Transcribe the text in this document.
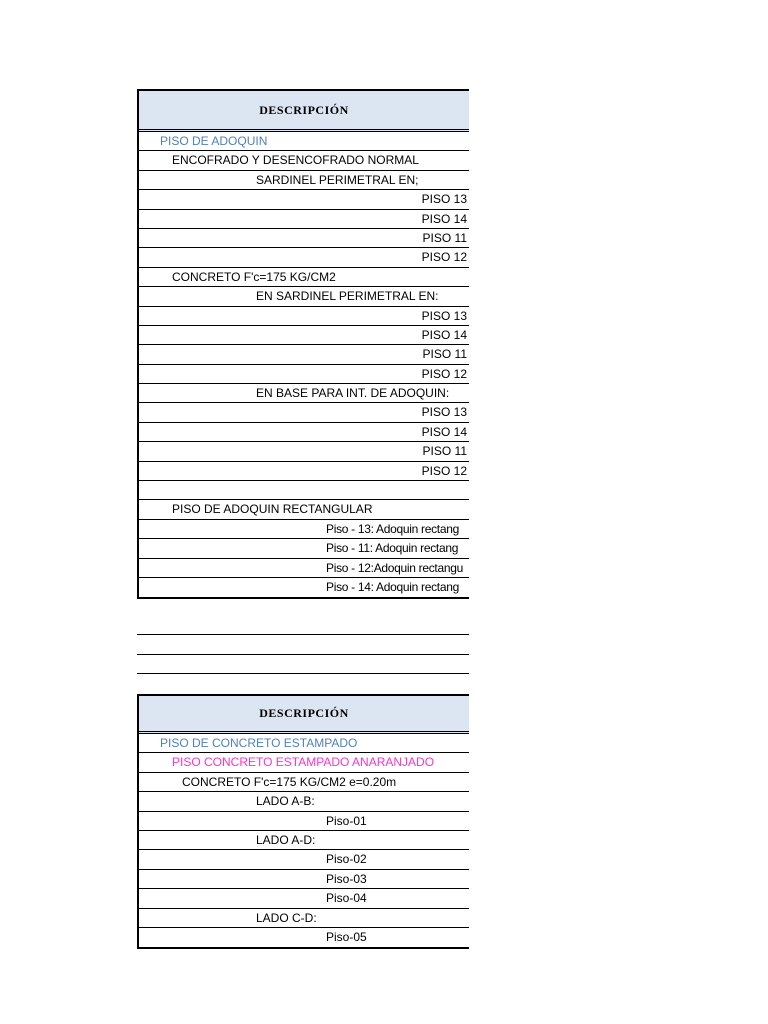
DESCRIPCIÓN
PISO DE ADOQUIN
ENCOFRADO Y DESENCOFRADO NORMAL
SARDINEL PERIMETRAL EN;
PISO 13
PISO 14
PISO 11
PISO 12
CONCRETO F'c=175 KG/CM2
EN SARDINEL PERIMETRAL EN:
PISO 13
PISO 14
PISO 11
PISO 12
EN BASE PARA INT. DE ADOQUIN:
PISO 13
PISO 14
PISO 11
PISO 12
PISO DE ADOQUIN RECTANGULAR
Piso - 13: Adoquin rectang
Piso - 11: Adoquin rectang
Piso - 12:Adoquin rectangu
Piso - 14: Adoquin rectang
DESCRIPCIÓN
PISO DE CONCRETO ESTAMPADO
PISO CONCRETO ESTAMPADO ANARANJADO
CONCRETO F'c=175 KG/CM2 e=0.20m
LADO A-B:
Piso-01
LADO A-D:
Piso-02
Piso-03
Piso-04
LADO C-D:
Piso-05
